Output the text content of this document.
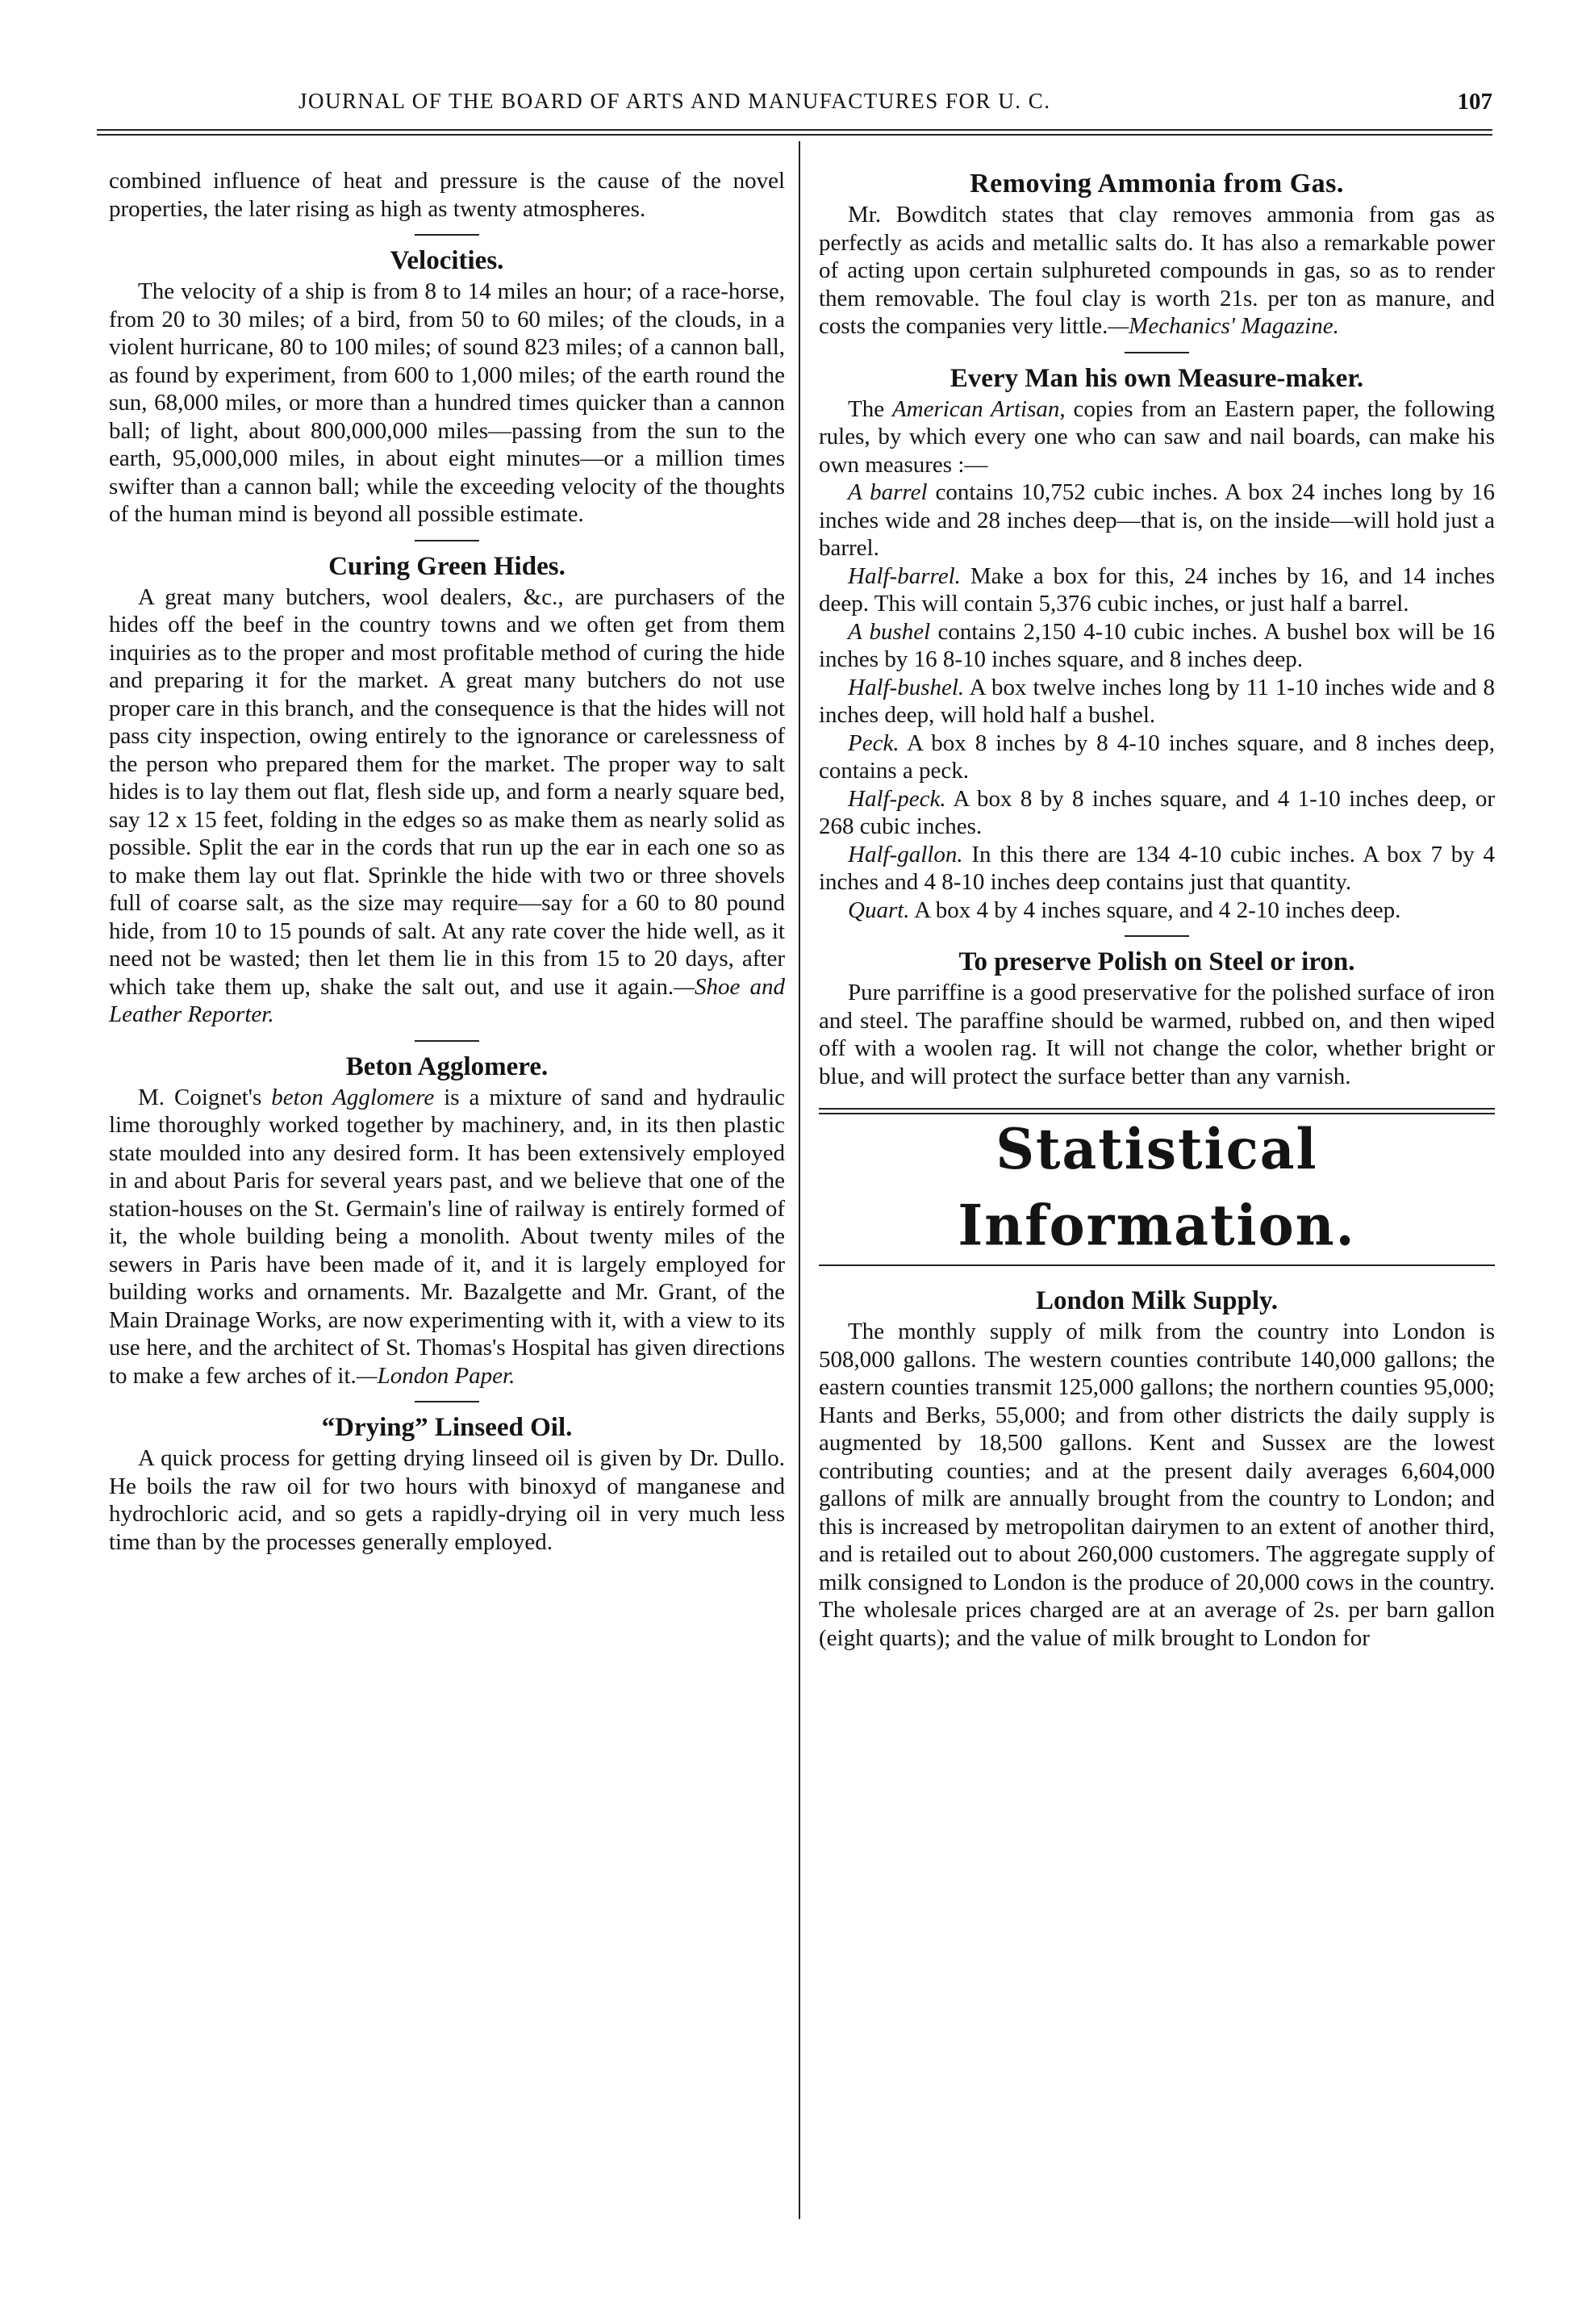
JOURNAL OF THE BOARD OF ARTS AND MANUFACTURES FOR U. C.	107

combined influence of heat and pressure is the cause of the novel properties, the later rising as high as twenty atmospheres.

Velocities.

The velocity of a ship is from 8 to 14 miles an hour; of a race-horse, from 20 to 30 miles; of a bird, from 50 to 60 miles; of the clouds, in a violent hurricane, 80 to 100 miles; of sound 823 miles; of a cannon ball, as found by experiment, from 600 to 1,000 miles; of the earth round the sun, 68,000 miles, or more than a hundred times quicker than a cannon ball; of light, about 800,000,000 miles—passing from the sun to the earth, 95,000,000 miles, in about eight minutes—or a million times swifter than a cannon ball; while the exceeding velocity of the thoughts of the human mind is beyond all possible estimate.

Curing Green Hides.

A great many butchers, wool dealers, &c., are purchasers of the hides off the beef in the country towns and we often get from them inquiries as to the proper and most profitable method of curing the hide and preparing it for the market. A great many butchers do not use proper care in this branch, and the consequence is that the hides will not pass city inspection, owing entirely to the ignorance or carelessness of the person who prepared them for the market. The proper way to salt hides is to lay them out flat, flesh side up, and form a nearly square bed, say 12 x 15 feet, folding in the edges so as make them as nearly solid as possible. Split the ear in the cords that run up the ear in each one so as to make them lay out flat. Sprinkle the hide with two or three shovels full of coarse salt, as the size may require—say for a 60 to 80 pound hide, from 10 to 15 pounds of salt. At any rate cover the hide well, as it need not be wasted; then let them lie in this from 15 to 20 days, after which take them up, shake the salt out, and use it again.—Shoe and Leather Reporter.

Beton Agglomere.

M. Coignet's beton Agglomere is a mixture of sand and hydraulic lime thoroughly worked together by machinery, and, in its then plastic state moulded into any desired form. It has been extensively employed in and about Paris for several years past, and we believe that one of the station-houses on the St. Germain's line of railway is entirely formed of it, the whole building being a monolith. About twenty miles of the sewers in Paris have been made of it, and it is largely employed for building works and ornaments. Mr. Bazalgette and Mr. Grant, of the Main Drainage Works, are now experimenting with it, with a view to its use here, and the architect of St. Thomas's Hospital has given directions to make a few arches of it.—London Paper.

“Drying” Linseed Oil.

A quick process for getting drying linseed oil is given by Dr. Dullo. He boils the raw oil for two hours with binoxyd of manganese and hydrochloric acid, and so gets a rapidly-drying oil in very much less time than by the processes generally employed.

Removing Ammonia from Gas.

Mr. Bowditch states that clay removes ammonia from gas as perfectly as acids and metallic salts do. It has also a remarkable power of acting upon certain sulphureted compounds in gas, so as to render them removable. The foul clay is worth 21s. per ton as manure, and costs the companies very little.—Mechanics' Magazine.

Every Man his own Measure-maker.

The American Artisan, copies from an Eastern paper, the following rules, by which every one who can saw and nail boards, can make his own measures :—

A barrel contains 10,752 cubic inches. A box 24 inches long by 16 inches wide and 28 inches deep—that is, on the inside—will hold just a barrel.

Half-barrel. Make a box for this, 24 inches by 16, and 14 inches deep. This will contain 5,376 cubic inches, or just half a barrel.

A bushel contains 2,150 4-10 cubic inches. A bushel box will be 16 inches by 16 8-10 inches square, and 8 inches deep.

Half-bushel. A box twelve inches long by 11 1-10 inches wide and 8 inches deep, will hold half a bushel.

Peck. A box 8 inches by 8 4-10 inches square, and 8 inches deep, contains a peck.

Half-peck. A box 8 by 8 inches square, and 4 1-10 inches deep, or 268 cubic inches.

Half-gallon. In this there are 134 4-10 cubic inches. A box 7 by 4 inches and 4 8-10 inches deep contains just that quantity.

Quart. A box 4 by 4 inches square, and 4 2-10 inches deep.

To preserve Polish on Steel or iron.

Pure parriffine is a good preservative for the polished surface of iron and steel. The paraffine should be warmed, rubbed on, and then wiped off with a woolen rag. It will not change the color, whether bright or blue, and will protect the surface better than any varnish.

Statistical Information.
London Milk Supply.

The monthly supply of milk from the country into London is 508,000 gallons. The western counties contribute 140,000 gallons; the eastern counties transmit 125,000 gallons; the northern counties 95,000; Hants and Berks, 55,000; and from other districts the daily supply is augmented by 18,500 gallons. Kent and Sussex are the lowest contributing counties; and at the present daily averages 6,604,000 gallons of milk are annually brought from the country to London; and this is increased by metropolitan dairymen to an extent of another third, and is retailed out to about 260,000 customers. The aggregate supply of milk consigned to London is the produce of 20,000 cows in the country. The wholesale prices charged are at an average of 2s. per barn gallon (eight quarts); and the value of milk brought to London for
